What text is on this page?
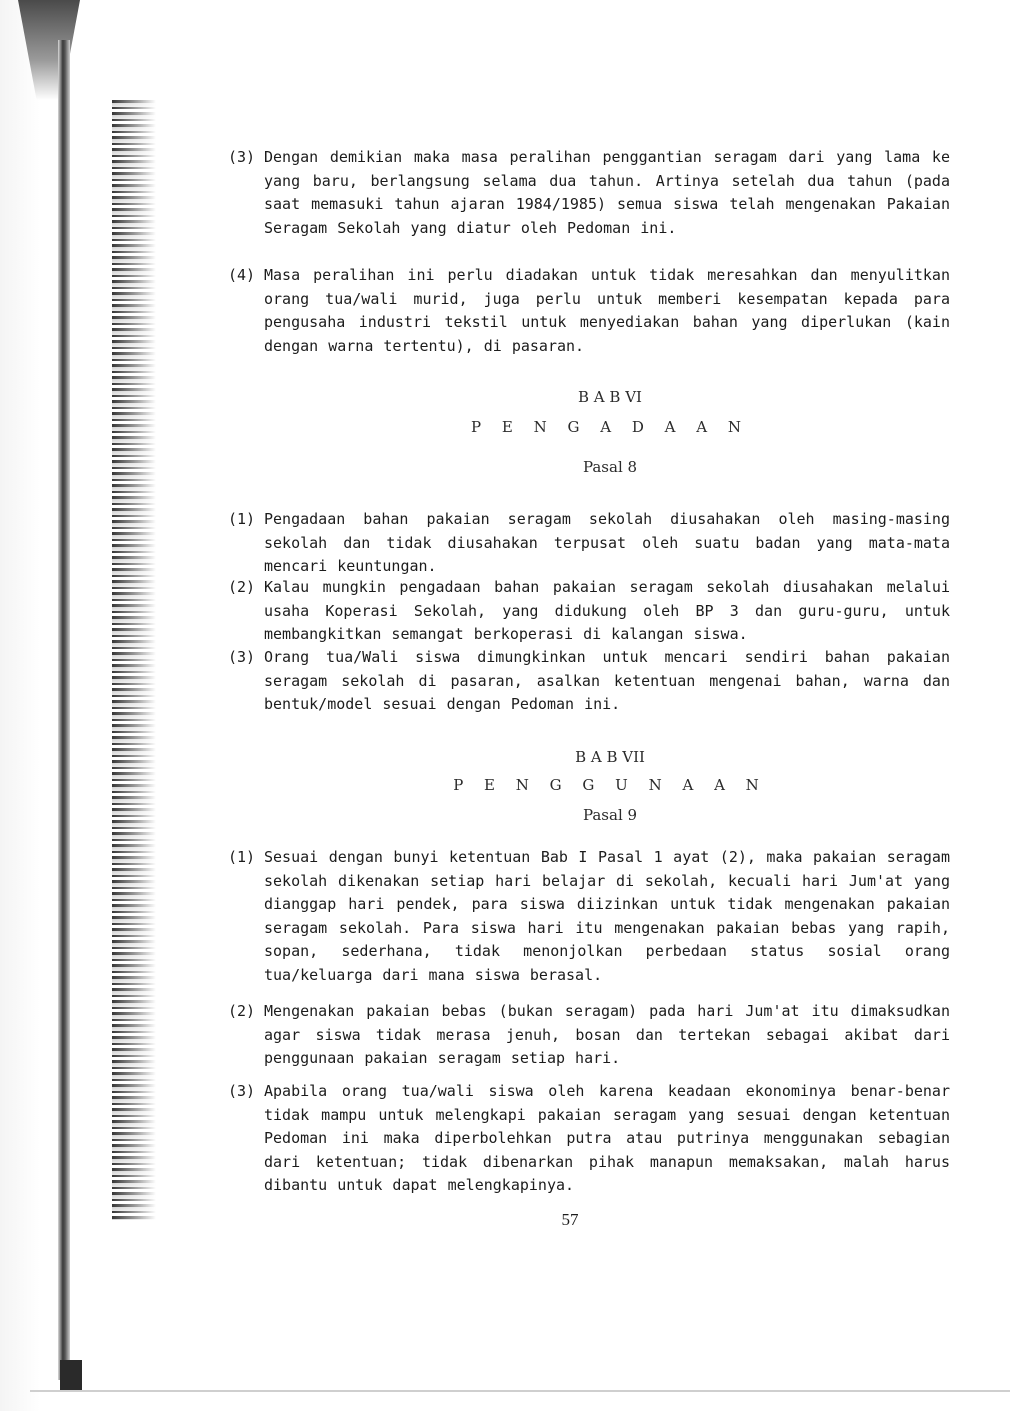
(3) Dengan demikian maka masa peralihan penggantian seragam dari yang lama ke yang baru, berlangsung selama dua tahun. Artinya setelah dua tahun (pada saat memasuki tahun ajaran 1984/1985) semua siswa telah mengenakan Pakaian Seragam Sekolah yang diatur oleh Pedoman ini.
(4) Masa peralihan ini perlu diadakan untuk tidak meresahkan dan menyulitkan orang tua/wali murid, juga perlu untuk memberi kesempatan kepada para pengusaha industri tekstil untuk menyediakan bahan yang diperlukan (kain dengan warna tertentu), di pasaran.
B A B VI
P E N G A D A A N
Pasal 8
(1) Pengadaan bahan pakaian seragam sekolah diusahakan oleh masing-masing sekolah dan tidak diusahakan terpusat oleh suatu badan yang mata-mata mencari keuntungan.
(2) Kalau mungkin pengadaan bahan pakaian seragam sekolah diusahakan melalui usaha Koperasi Sekolah, yang didukung oleh BP 3 dan guru-guru, untuk membangkitkan semangat berkoperasi di kalangan siswa.
(3) Orang tua/Wali siswa dimungkinkan untuk mencari sendiri bahan pakaian seragam sekolah di pasaran, asalkan ketentuan mengenai bahan, warna dan bentuk/model sesuai dengan Pedoman ini.
B A B VII
P E N G G U N A A N
Pasal 9
(1) Sesuai dengan bunyi ketentuan Bab I Pasal 1 ayat (2), maka pakaian seragam sekolah dikenakan setiap hari belajar di sekolah, kecuali hari Jum'at yang dianggap hari pendek, para siswa diizinkan untuk tidak mengenakan pakaian seragam sekolah. Para siswa hari itu mengenakan pakaian bebas yang rapih, sopan, sederhana, tidak menonjolkan perbedaan status sosial orang tua/keluarga dari mana siswa berasal.
(2) Mengenakan pakaian bebas (bukan seragam) pada hari Jum'at itu dimaksudkan agar siswa tidak merasa jenuh, bosan dan tertekan sebagai akibat dari penggunaan pakaian seragam setiap hari.
(3) Apabila orang tua/wali siswa oleh karena keadaan ekonominya benar-benar tidak mampu untuk melengkapi pakaian seragam yang sesuai dengan ketentuan Pedoman ini maka diperbolehkan putra atau putrinya menggunakan sebagian dari ketentuan; tidak dibenarkan pihak manapun memaksakan, malah harus dibantu untuk dapat melengkapinya.
57
